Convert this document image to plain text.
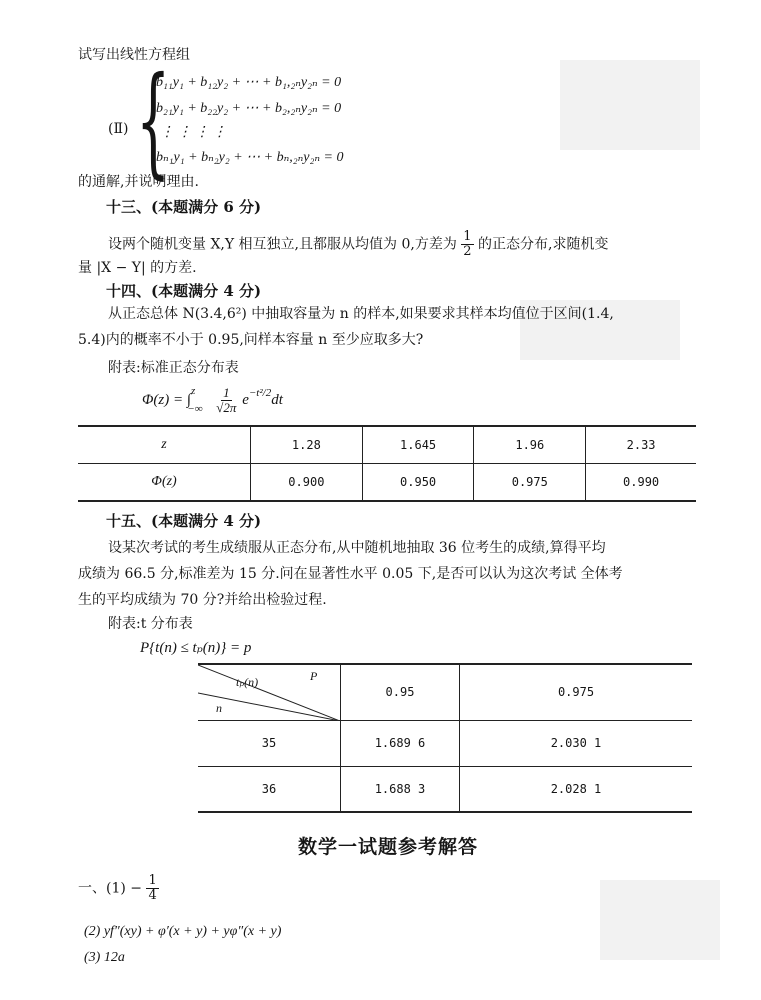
试写出线性方程组
(Ⅱ) {
b₁₁y₁ + b₁₂y₂ + ⋯ + b₁,₂ₙy₂ₙ = 0
b₂₁y₁ + b₂₂y₂ + ⋯ + b₂,₂ₙy₂ₙ = 0
⋮ ⋮ ⋮ ⋮
bₙ₁y₁ + bₙ₂y₂ + ⋯ + bₙ,₂ₙy₂ₙ = 0
的通解,并说明理由.
十三、(本题满分 6 分)
设两个随机变量 X,Y 相互独立,且都服从均值为 0,方差为 $\frac{1}{2}$ 的正态分布,求随机变
量 |X − Y| 的方差.
十四、(本题满分 4 分)
从正态总体 N(3.4,6²) 中抽取容量为 n 的样本,如果要求其样本均值位于区间(1.4,
5.4)内的概率不小于 0.95,问样本容量 n 至少应取多大?
附表:标准正态分布表
$\Phi(z) = \int^z_{-\infty} \frac{1}{√2\pi} e^{-t^2/2}dt$
z	1.28	1.645	1.96	2.33
Φ(z)	0.900	0.950	0.975	0.990
十五、(本题满分 4 分)
设某次考试的考生成绩服从正态分布,从中随机地抽取 36 位考生的成绩,算得平均
成绩为 66.5 分,标准差为 15 分.问在显著性水平 0.05 下,是否可以认为这次考试 全体考
生的平均成绩为 70 分?并给出检验过程.
附表:t 分布表
P{t(n) ≤ tₚ(n)} = p
tₚ(n) P
n	0.95	0.975
35	1.689 6	2.030 1
36	1.688 3	2.028 1
数学一试题参考解答
一、$(1) - \frac{1}{4}$
(2) yf″(xy) + φ′(x + y) + yφ″(x + y)
(3) 12a
